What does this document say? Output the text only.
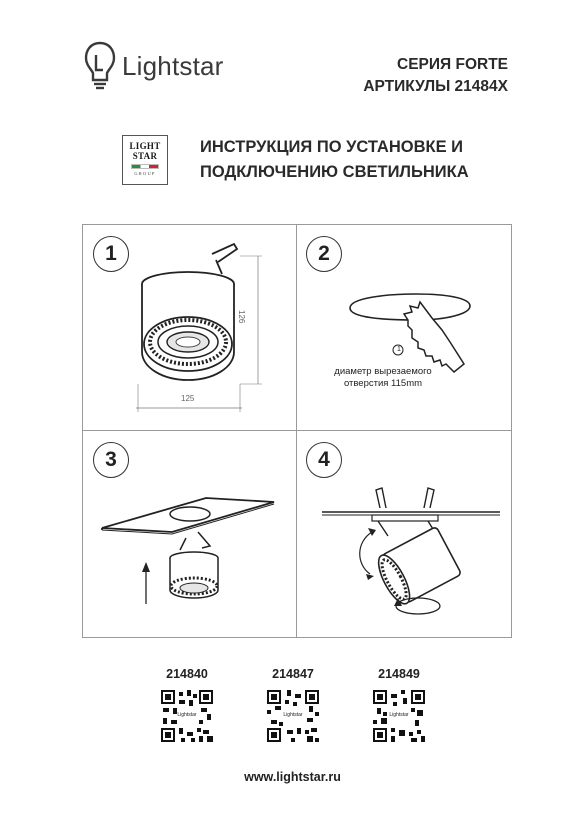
Lightstar	СЕРИЯ FORTE
АРТИКУЛЫ 21484X
LIGHT
STAR
GROUP
ИНСТРУКЦИЯ ПО УСТАНОВКЕ И
ПОДКЛЮЧЕНИЮ СВЕТИЛЬНИКА
1
126
125
2
1
диаметр вырезаемого
отверстия 115mm
3	4
214840	214847	214849
Lightstar	Lightstar	Lightstar
www.lightstar.ru
